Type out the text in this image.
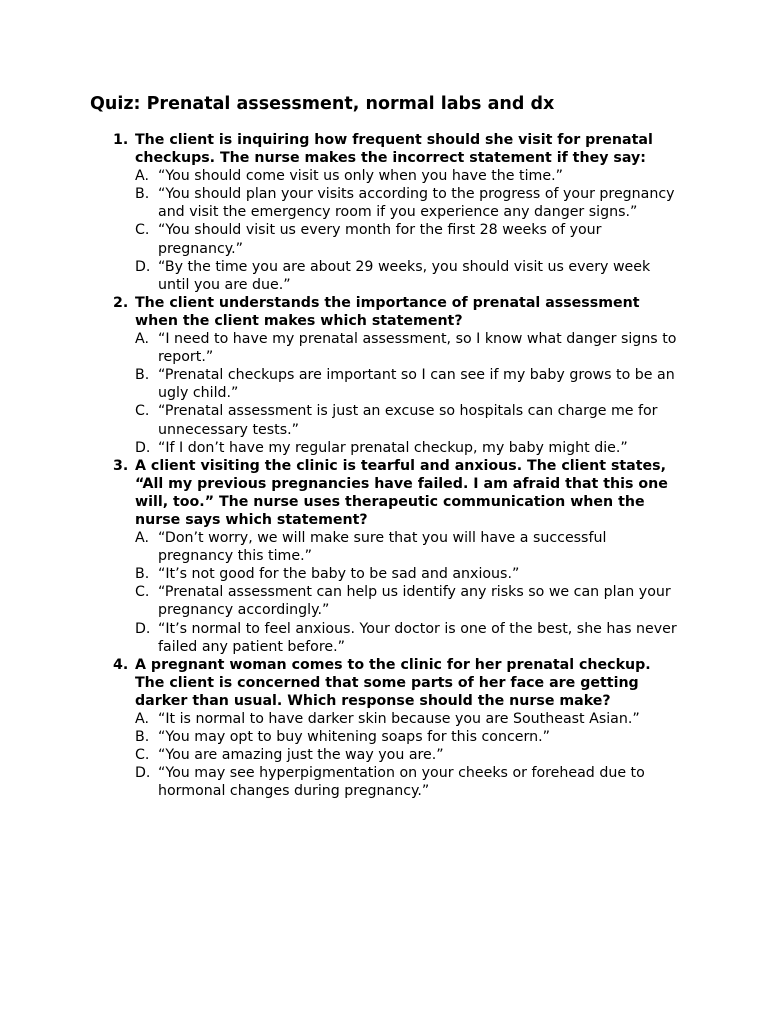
Quiz: Prenatal assessment, normal labs and dx
1. The client is inquiring how frequent should she visit for prenatal checkups. The nurse makes the incorrect statement if they say:
A. “You should come visit us only when you have the time.”
B. “You should plan your visits according to the progress of your pregnancy and visit the emergency room if you experience any danger signs.”
C. “You should visit us every month for the first 28 weeks of your pregnancy.”
D. “By the time you are about 29 weeks, you should visit us every week until you are due.”
2. The client understands the importance of prenatal assessment when the client makes which statement?
A. “I need to have my prenatal assessment, so I know what danger signs to report.”
B. “Prenatal checkups are important so I can see if my baby grows to be an ugly child.”
C. “Prenatal assessment is just an excuse so hospitals can charge me for unnecessary tests.”
D. “If I don’t have my regular prenatal checkup, my baby might die.”
3. A client visiting the clinic is tearful and anxious. The client states, “All my previous pregnancies have failed. I am afraid that this one will, too.” The nurse uses therapeutic communication when the nurse says which statement?
A. “Don’t worry, we will make sure that you will have a successful pregnancy this time.”
B. “It’s not good for the baby to be sad and anxious.”
C. “Prenatal assessment can help us identify any risks so we can plan your pregnancy accordingly.”
D. “It’s normal to feel anxious. Your doctor is one of the best, she has never failed any patient before.”
4. A pregnant woman comes to the clinic for her prenatal checkup. The client is concerned that some parts of her face are getting darker than usual. Which response should the nurse make?
A. “It is normal to have darker skin because you are Southeast Asian.”
B. “You may opt to buy whitening soaps for this concern.”
C. “You are amazing just the way you are.”
D. “You may see hyperpigmentation on your cheeks or forehead due to hormonal changes during pregnancy.”
